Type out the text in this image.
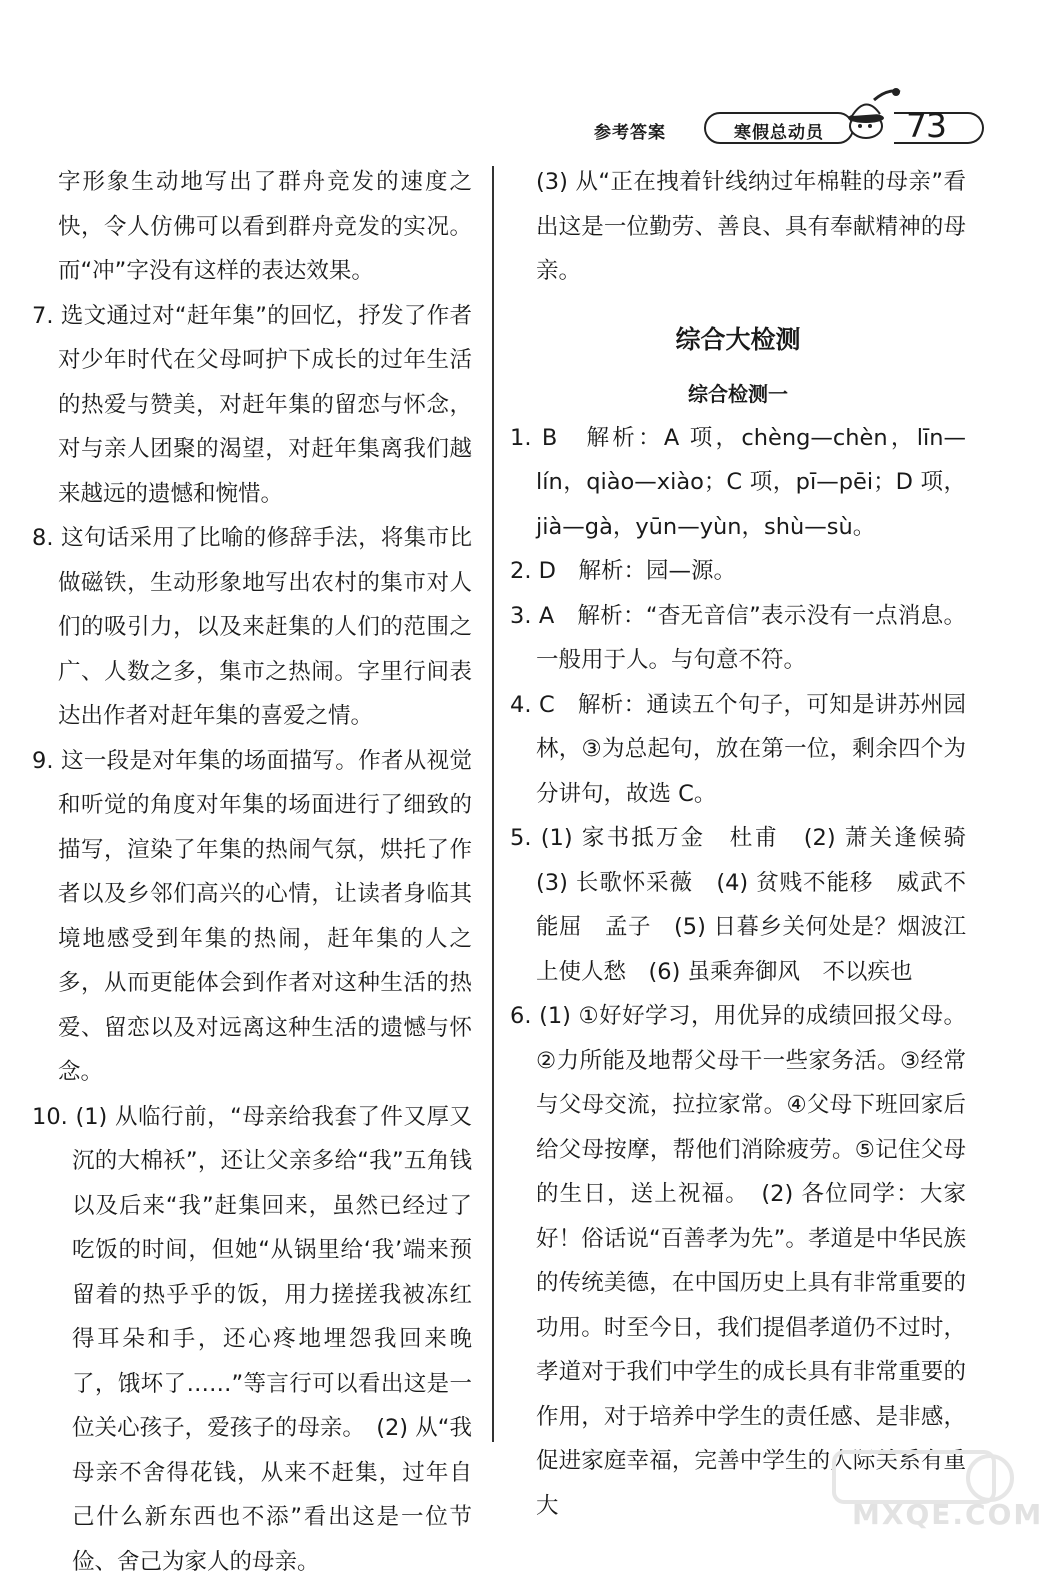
参考答案	寒假总动员	73

字形象生动地写出了群舟竞发的速度之快，令人仿佛可以看到群舟竞发的实况。而“冲”字没有这样的表达效果。

7. 选文通过对“赶年集”的回忆，抒发了作者对少年时代在父母呵护下成长的过年生活的热爱与赞美，对赶年集的留恋与怀念，对与亲人团聚的渴望，对赶年集离我们越来越远的遗憾和惋惜。

8. 这句话采用了比喻的修辞手法，将集市比做磁铁，生动形象地写出农村的集市对人们的吸引力，以及来赶集的人们的范围之广、人数之多，集市之热闹。字里行间表达出作者对赶年集的喜爱之情。

9. 这一段是对年集的场面描写。作者从视觉和听觉的角度对年集的场面进行了细致的描写，渲染了年集的热闹气氛，烘托了作者以及乡邻们高兴的心情，让读者身临其境地感受到年集的热闹，赶年集的人之多，从而更能体会到作者对这种生活的热爱、留恋以及对远离这种生活的遗憾与怀念。

10. (1) 从临行前，“母亲给我套了件又厚又沉的大棉袄”，还让父亲多给“我”五角钱以及后来“我”赶集回来，虽然已经过了吃饭的时间，但她“从锅里给‘我’端来预留着的热乎乎的饭，用力搓搓我被冻红得耳朵和手，还心疼地埋怨我回来晚了，饿坏了……”等言行可以看出这是一位关心孩子，爱孩子的母亲。　(2) 从“我母亲不舍得花钱，从来不赶集，过年自己什么新东西也不添”看出这是一位节俭、舍己为家人的母亲。

(3) 从“正在拽着针线纳过年棉鞋的母亲”看出这是一位勤劳、善良、具有奉献精神的母亲。

综合大检测
综合检测一

1. B　解析：A 项，chèng—chèn，līn—lín，qiào—xiào；C 项，pī—pēi；D 项，jià—gà，yūn—yùn，shù—sù。

2. D　解析：园—源。

3. A　解析：“杳无音信”表示没有一点消息。一般用于人。与句意不符。

4. C　解析：通读五个句子，可知是讲苏州园林，③为总起句，放在第一位，剩余四个为分讲句，故选 C。

5. (1) 家书抵万金　杜甫　(2) 萧关逢候骑　(3) 长歌怀采薇　(4) 贫贱不能移　威武不能屈　孟子　(5) 日暮乡关何处是？烟波江上使人愁　(6) 虽乘奔御风　不以疾也

6. (1) ①好好学习，用优异的成绩回报父母。②力所能及地帮父母干一些家务活。③经常与父母交流，拉拉家常。④父母下班回家后给父母按摩，帮他们消除疲劳。⑤记住父母的生日，送上祝福。　(2) 各位同学：大家好！俗话说“百善孝为先”。孝道是中华民族的传统美德，在中国历史上具有非常重要的功用。时至今日，我们提倡孝道仍不过时，孝道对于我们中学生的成长具有非常重要的作用，对于培养中学生的责任感、是非感，促进家庭幸福，完善中学生的人际关系有重大	MXQE.COM
